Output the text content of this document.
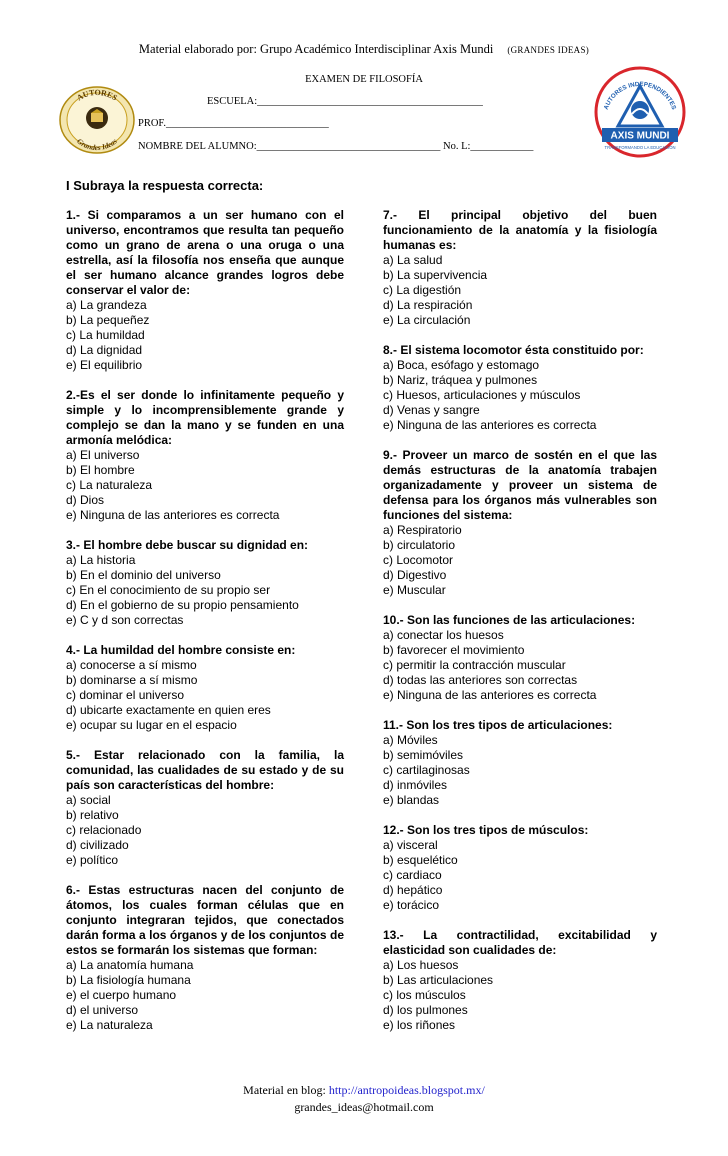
Material elaborado por: Grupo Académico Interdisciplinar Axis Mundi (GRANDES IDEAS)
EXAMEN DE FILOSOFÍA
ESCUELA:___________________________________________
PROF._______________________________
NOMBRE DEL ALUMNO:___________________________________ No. L:____________
AUTORES
Grandes Ideas
AUTORES INDEPENDIENTES
AXIS MUNDI
TRANSFORMANDO LA EDUCACIÓN
I Subraya la respuesta correcta:
1.- Si comparamos a un ser humano con el universo, encontramos que resulta tan pequeño como un grano de arena o una oruga o una estrella, así la filosofía nos enseña que aunque el ser humano alcance grandes logros debe conservar el valor de:
a) La grandeza
b) La pequeñez
c) La humildad
d) La dignidad
e) El equilibrio
2.-Es el ser donde lo infinitamente pequeño y simple y lo incomprensiblemente grande y complejo se dan la mano y se funden en una armonía melódica:
a) El universo
b) El hombre
c) La naturaleza
d) Dios
e) Ninguna de las anteriores es correcta
3.- El hombre debe buscar su dignidad en:
a) La historia
b) En el dominio del universo
c) En el conocimiento de su propio ser
d) En el gobierno de su propio pensamiento
e) C y d son correctas
4.- La humildad del hombre consiste en:
a) conocerse a sí mismo
b) dominarse a sí mismo
c) dominar el universo
d) ubicarte exactamente en quien eres
e) ocupar su lugar en el espacio
5.- Estar relacionado con la familia, la comunidad, las cualidades de su estado y de su país son características del hombre:
a) social
b) relativo
c) relacionado
d) civilizado
e) político
6.- Estas estructuras nacen del conjunto de átomos, los cuales forman células que en conjunto integraran tejidos, que conectados darán forma a los órganos y de los conjuntos de estos se formarán los sistemas que forman:
a) La anatomía humana
b) La fisiología humana
e) el cuerpo humano
d) el universo
e) La naturaleza
7.- El principal objetivo del buen funcionamiento de la anatomía y la fisiología humanas es:
a) La salud
b) La supervivencia
c) La digestión
d) La respiración
e) La circulación
8.- El sistema locomotor ésta constituido por:
a) Boca, esófago y estomago
b) Nariz, tráquea y pulmones
c) Huesos, articulaciones y músculos
d) Venas y sangre
e) Ninguna de las anteriores es correcta
9.- Proveer un marco de sostén en el que las demás estructuras de la anatomía trabajen organizadamente y proveer un sistema de defensa para los órganos más vulnerables son funciones del sistema:
a) Respiratorio
b) circulatorio
c) Locomotor
d) Digestivo
e) Muscular
10.- Son las funciones de las articulaciones:
a) conectar los huesos
b) favorecer el movimiento
c) permitir la contracción muscular
d) todas las anteriores son correctas
e) Ninguna de las anteriores es correcta
11.- Son los tres tipos de articulaciones:
a) Móviles
b) semimóviles
c) cartilaginosas
d) inmóviles
e) blandas
12.- Son los tres tipos de músculos:
a) visceral
b) esquelético
c) cardiaco
d) hepático
e) torácico
13.- La contractilidad, excitabilidad y elasticidad son cualidades de:
a) Los huesos
b) Las articulaciones
c) los músculos
d) los pulmones
e) los riñones
Material en blog: http://antropoideas.blogspot.mx/
grandes_ideas@hotmail.com
